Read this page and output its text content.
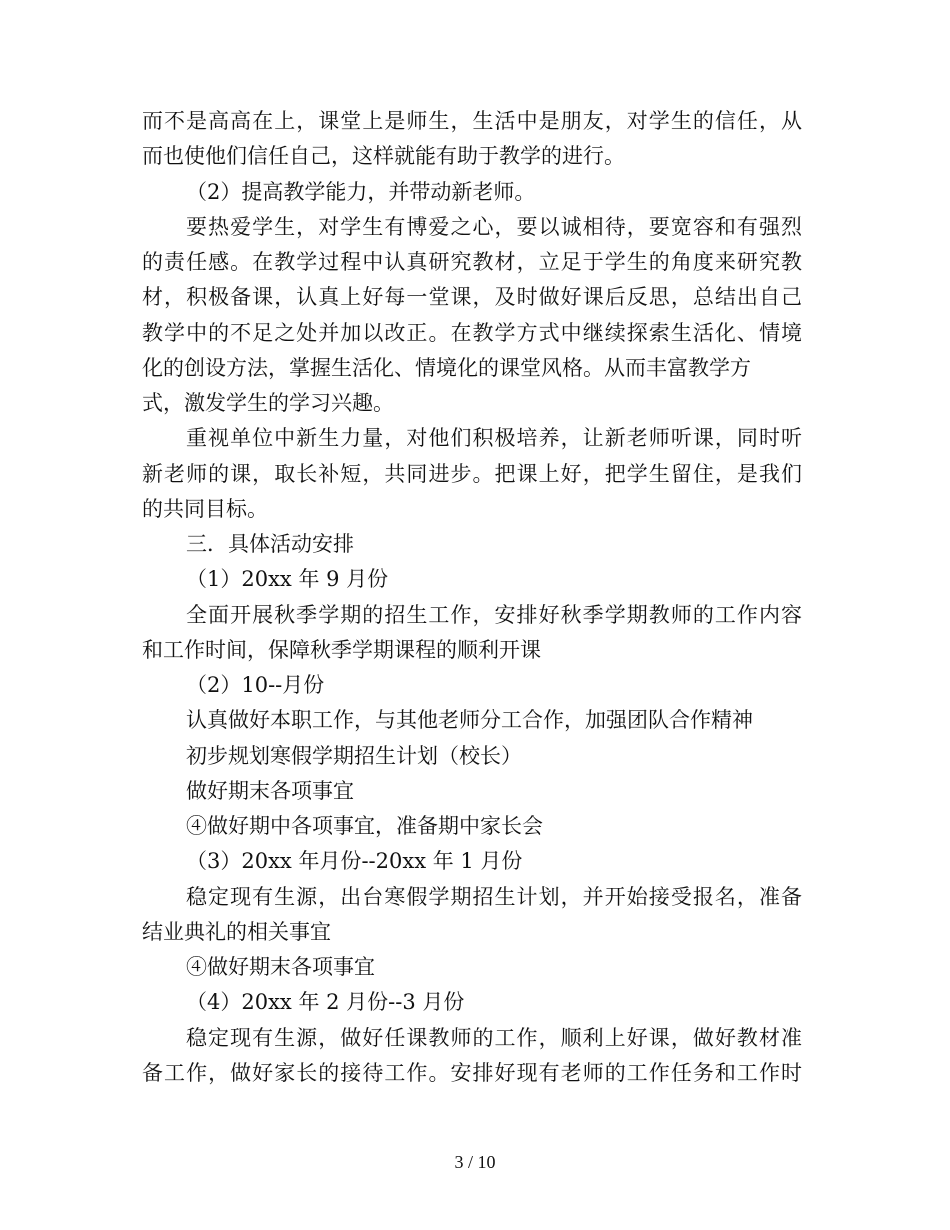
而不是高高在上，课堂上是师生，生活中是朋友，对学生的信任，从
而也使他们信任自己，这样就能有助于教学的进行。
（2）提高教学能力，并带动新老师。
要热爱学生，对学生有博爱之心，要以诚相待，要宽容和有强烈
的责任感。在教学过程中认真研究教材，立足于学生的角度来研究教
材，积极备课，认真上好每一堂课，及时做好课后反思，总结出自己
教学中的不足之处并加以改正。在教学方式中继续探索生活化、情境
化的创设方法，掌握生活化、情境化的课堂风格。从而丰富教学方
式，激发学生的学习兴趣。
重视单位中新生力量，对他们积极培养，让新老师听课，同时听
新老师的课，取长补短，共同进步。把课上好，把学生留住，是我们
的共同目标。
三．具体活动安排
（1）20xx 年 9 月份
全面开展秋季学期的招生工作，安排好秋季学期教师的工作内容
和工作时间，保障秋季学期课程的顺利开课
（2）10--月份
认真做好本职工作，与其他老师分工合作，加强团队合作精神
初步规划寒假学期招生计划（校长）
做好期末各项事宜
④做好期中各项事宜，准备期中家长会
（3）20xx 年月份--20xx 年 1 月份
稳定现有生源，出台寒假学期招生计划，并开始接受报名，准备
结业典礼的相关事宜
④做好期末各项事宜
（4）20xx 年 2 月份--3 月份
稳定现有生源，做好任课教师的工作，顺利上好课，做好教材准
备工作，做好家长的接待工作。安排好现有老师的工作任务和工作时
3 / 10
